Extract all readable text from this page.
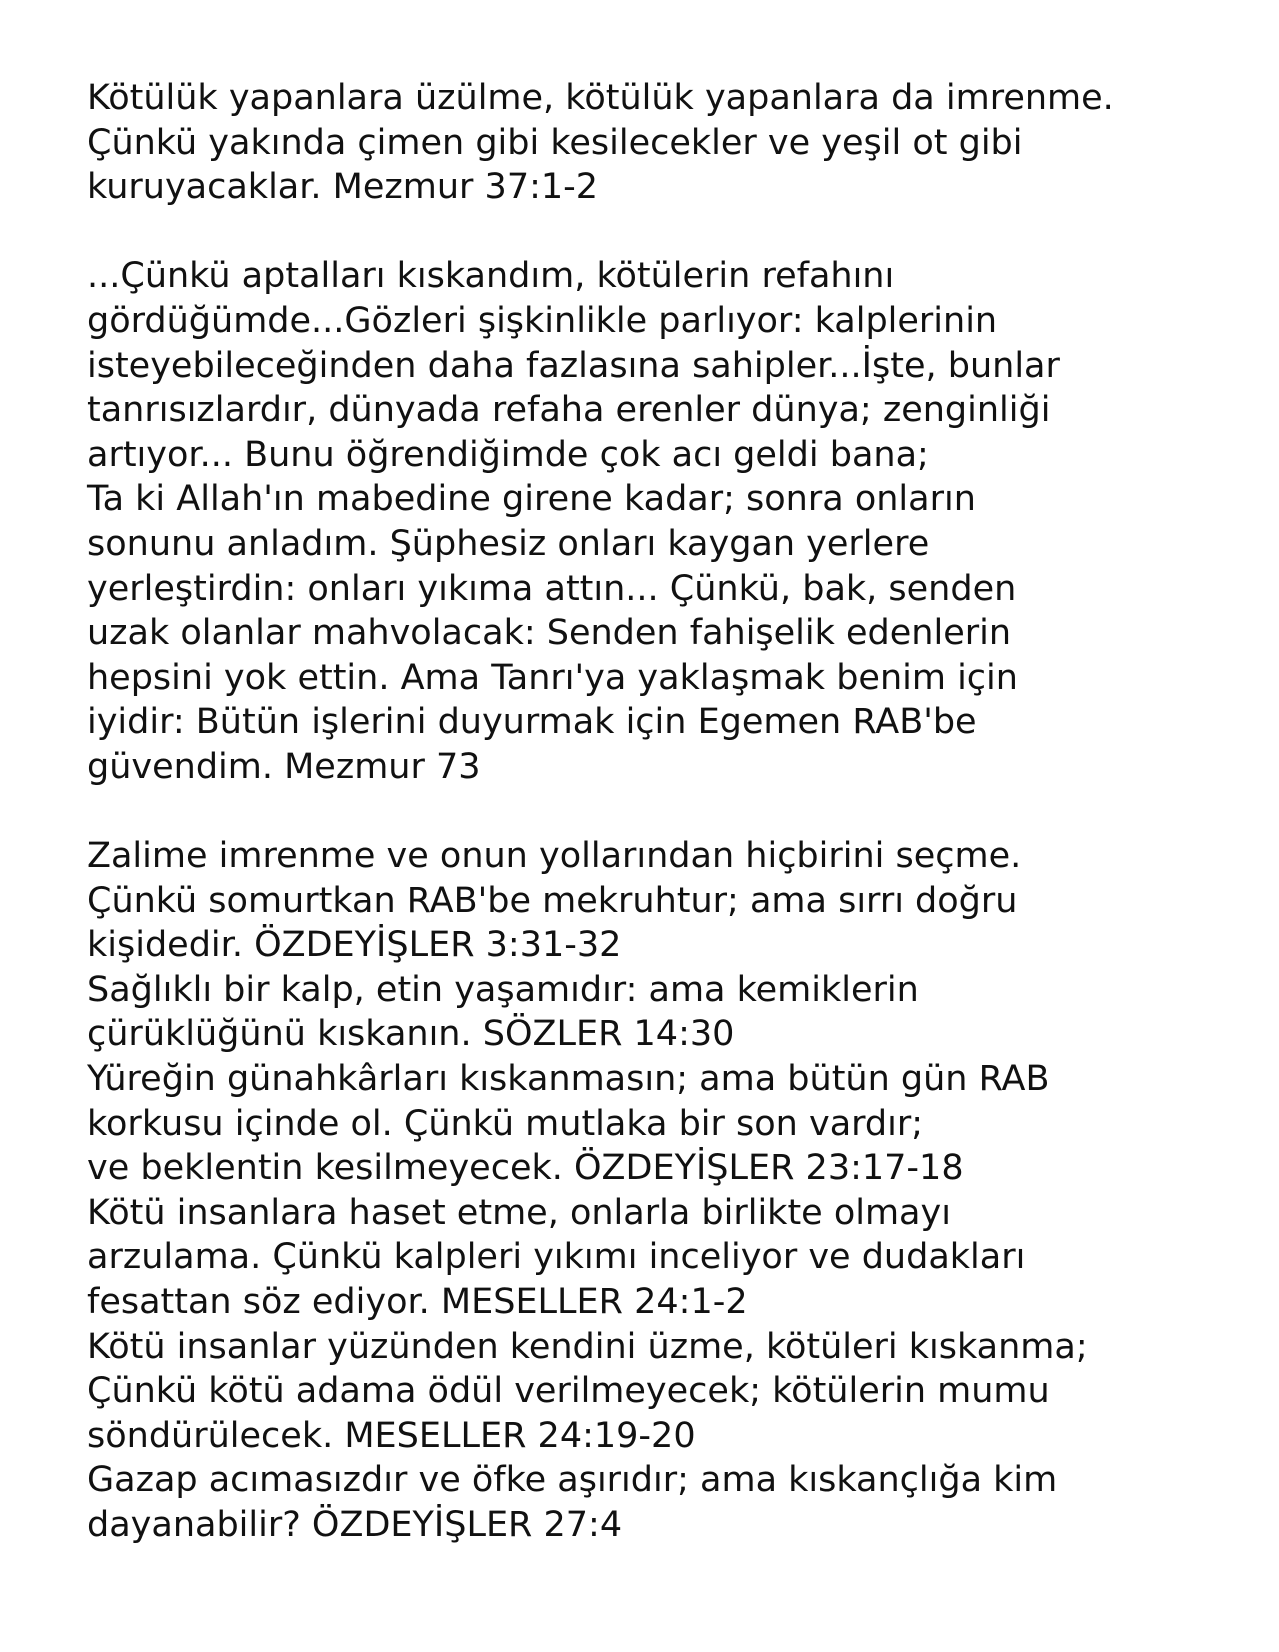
Kötülük yapanlara üzülme, kötülük yapanlara da imrenme.
Çünkü yakında çimen gibi kesilecekler ve yeşil ot gibi
kuruyacaklar. Mezmur 37:1-2
...Çünkü aptalları kıskandım, kötülerin refahını
gördüğümde...Gözleri şişkinlikle parlıyor: kalplerinin
isteyebileceğinden daha fazlasına sahipler...İşte, bunlar
tanrısızlardır, dünyada refaha erenler dünya; zenginliği
artıyor... Bunu öğrendiğimde çok acı geldi bana;
Ta ki Allah'ın mabedine girene kadar; sonra onların
sonunu anladım. Şüphesiz onları kaygan yerlere
yerleştirdin: onları yıkıma attın... Çünkü, bak, senden
uzak olanlar mahvolacak: Senden fahişelik edenlerin
hepsini yok ettin. Ama Tanrı'ya yaklaşmak benim için
iyidir: Bütün işlerini duyurmak için Egemen RAB'be
güvendim. Mezmur 73
Zalime imrenme ve onun yollarından hiçbirini seçme.
Çünkü somurtkan RAB'be mekruhtur; ama sırrı doğru
kişidedir. ÖZDEYİŞLER 3:31-32
Sağlıklı bir kalp, etin yaşamıdır: ama kemiklerin
çürüklüğünü kıskanın. SÖZLER 14:30
Yüreğin günahkârları kıskanmasın; ama bütün gün RAB
korkusu içinde ol. Çünkü mutlaka bir son vardır;
ve beklentin kesilmeyecek. ÖZDEYİŞLER 23:17-18
Kötü insanlara haset etme, onlarla birlikte olmayı
arzulama. Çünkü kalpleri yıkımı inceliyor ve dudakları
fesattan söz ediyor. MESELLER 24:1-2
Kötü insanlar yüzünden kendini üzme, kötüleri kıskanma;
Çünkü kötü adama ödül verilmeyecek; kötülerin mumu
söndürülecek. MESELLER 24:19-20
Gazap acımasızdır ve öfke aşırıdır; ama kıskançlığa kim
dayanabilir? ÖZDEYİŞLER 27:4
